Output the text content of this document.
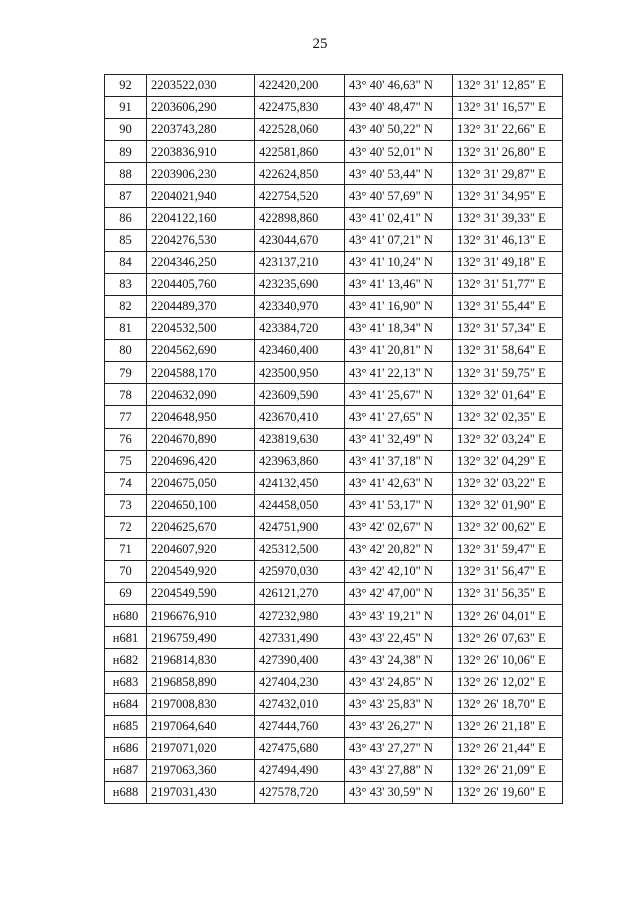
25
92	2203522,030	422420,200	43° 40' 46,63" N	132° 31' 12,85" E
91	2203606,290	422475,830	43° 40' 48,47" N	132° 31' 16,57" E
90	2203743,280	422528,060	43° 40' 50,22" N	132° 31' 22,66" E
89	2203836,910	422581,860	43° 40' 52,01" N	132° 31' 26,80" E
88	2203906,230	422624,850	43° 40' 53,44" N	132° 31' 29,87" E
87	2204021,940	422754,520	43° 40' 57,69" N	132° 31' 34,95" E
86	2204122,160	422898,860	43° 41' 02,41" N	132° 31' 39,33" E
85	2204276,530	423044,670	43° 41' 07,21" N	132° 31' 46,13" E
84	2204346,250	423137,210	43° 41' 10,24" N	132° 31' 49,18" E
83	2204405,760	423235,690	43° 41' 13,46" N	132° 31' 51,77" E
82	2204489,370	423340,970	43° 41' 16,90" N	132° 31' 55,44" E
81	2204532,500	423384,720	43° 41' 18,34" N	132° 31' 57,34" E
80	2204562,690	423460,400	43° 41' 20,81" N	132° 31' 58,64" E
79	2204588,170	423500,950	43° 41' 22,13" N	132° 31' 59,75" E
78	2204632,090	423609,590	43° 41' 25,67" N	132° 32' 01,64" E
77	2204648,950	423670,410	43° 41' 27,65" N	132° 32' 02,35" E
76	2204670,890	423819,630	43° 41' 32,49" N	132° 32' 03,24" E
75	2204696,420	423963,860	43° 41' 37,18" N	132° 32' 04,29" E
74	2204675,050	424132,450	43° 41' 42,63" N	132° 32' 03,22" E
73	2204650,100	424458,050	43° 41' 53,17" N	132° 32' 01,90" E
72	2204625,670	424751,900	43° 42' 02,67" N	132° 32' 00,62" E
71	2204607,920	425312,500	43° 42' 20,82" N	132° 31' 59,47" E
70	2204549,920	425970,030	43° 42' 42,10" N	132° 31' 56,47" E
69	2204549,590	426121,270	43° 42' 47,00" N	132° 31' 56,35" E
н680	2196676,910	427232,980	43° 43' 19,21" N	132° 26' 04,01" E
н681	2196759,490	427331,490	43° 43' 22,45" N	132° 26' 07,63" E
н682	2196814,830	427390,400	43° 43' 24,38" N	132° 26' 10,06" E
н683	2196858,890	427404,230	43° 43' 24,85" N	132° 26' 12,02" E
н684	2197008,830	427432,010	43° 43' 25,83" N	132° 26' 18,70" E
н685	2197064,640	427444,760	43° 43' 26,27" N	132° 26' 21,18" E
н686	2197071,020	427475,680	43° 43' 27,27" N	132° 26' 21,44" E
н687	2197063,360	427494,490	43° 43' 27,88" N	132° 26' 21,09" E
н688	2197031,430	427578,720	43° 43' 30,59" N	132° 26' 19,60" E
